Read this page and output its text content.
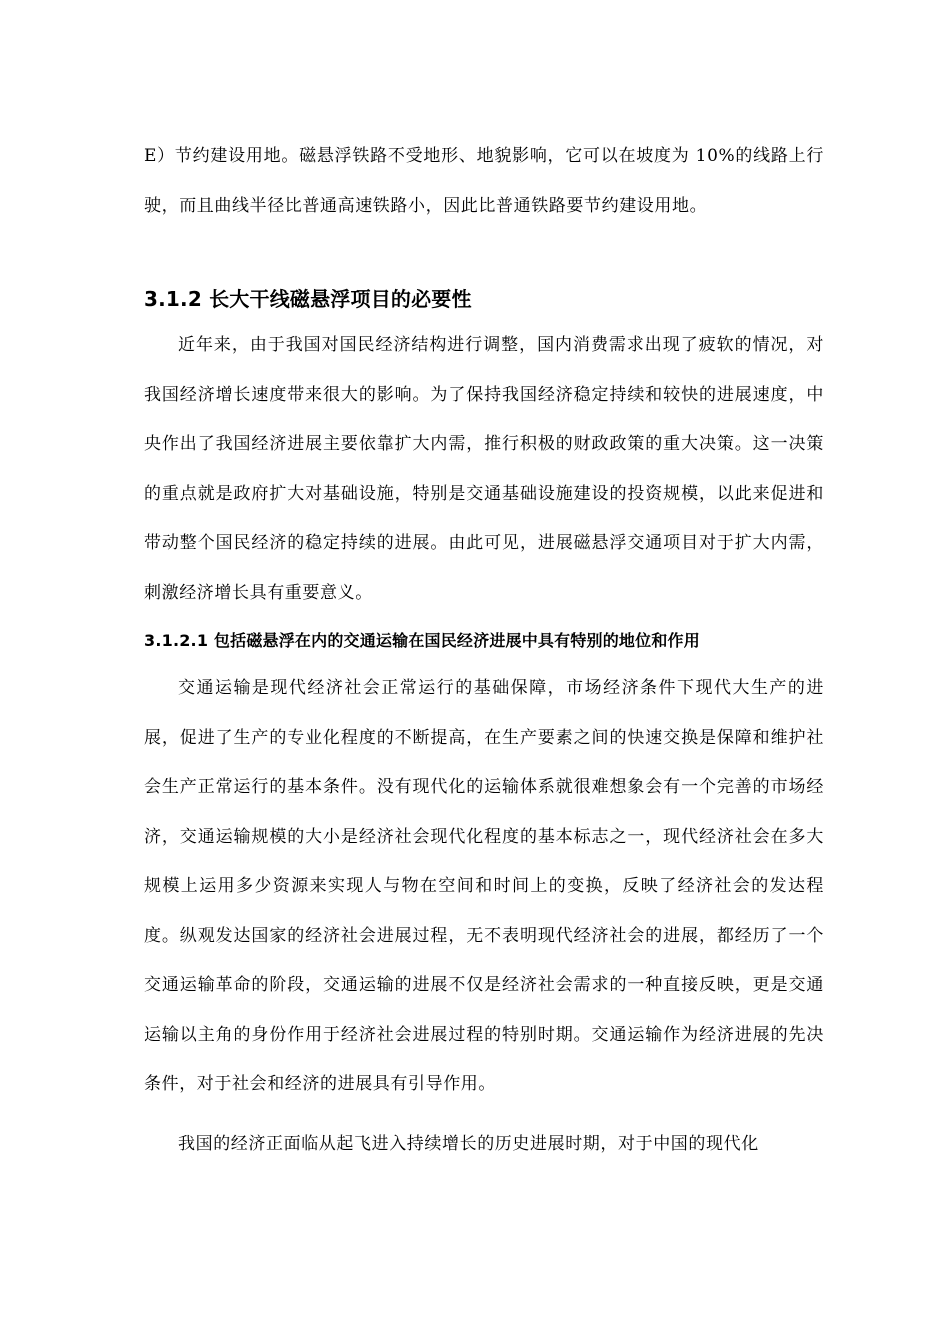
E）节约建设用地。磁悬浮铁路不受地形、地貌影响，它可以在坡度为 10%的线路上行驶，而且曲线半径比普通高速铁路小，因此比普通铁路要节约建设用地。

3.1.2 长大干线磁悬浮项目的必要性

近年来，由于我国对国民经济结构进行调整，国内消费需求出现了疲软的情况，对我国经济增长速度带来很大的影响。为了保持我国经济稳定持续和较快的进展速度，中央作出了我国经济进展主要依靠扩大内需，推行积极的财政政策的重大决策。这一决策的重点就是政府扩大对基础设施，特别是交通基础设施建设的投资规模，以此来促进和带动整个国民经济的稳定持续的进展。由此可见，进展磁悬浮交通项目对于扩大内需，刺激经济增长具有重要意义。

3.1.2.1 包括磁悬浮在内的交通运输在国民经济进展中具有特别的地位和作用

交通运输是现代经济社会正常运行的基础保障，市场经济条件下现代大生产的进展，促进了生产的专业化程度的不断提高，在生产要素之间的快速交换是保障和维护社会生产正常运行的基本条件。没有现代化的运输体系就很难想象会有一个完善的市场经济，交通运输规模的大小是经济社会现代化程度的基本标志之一，现代经济社会在多大规模上运用多少资源来实现人与物在空间和时间上的变换，反映了经济社会的发达程度。纵观发达国家的经济社会进展过程，无不表明现代经济社会的进展，都经历了一个交通运输革命的阶段，交通运输的进展不仅是经济社会需求的一种直接反映，更是交通运输以主角的身份作用于经济社会进展过程的特别时期。交通运输作为经济进展的先决条件，对于社会和经济的进展具有引导作用。

我国的经济正面临从起飞进入持续增长的历史进展时期，对于中国的现代化
